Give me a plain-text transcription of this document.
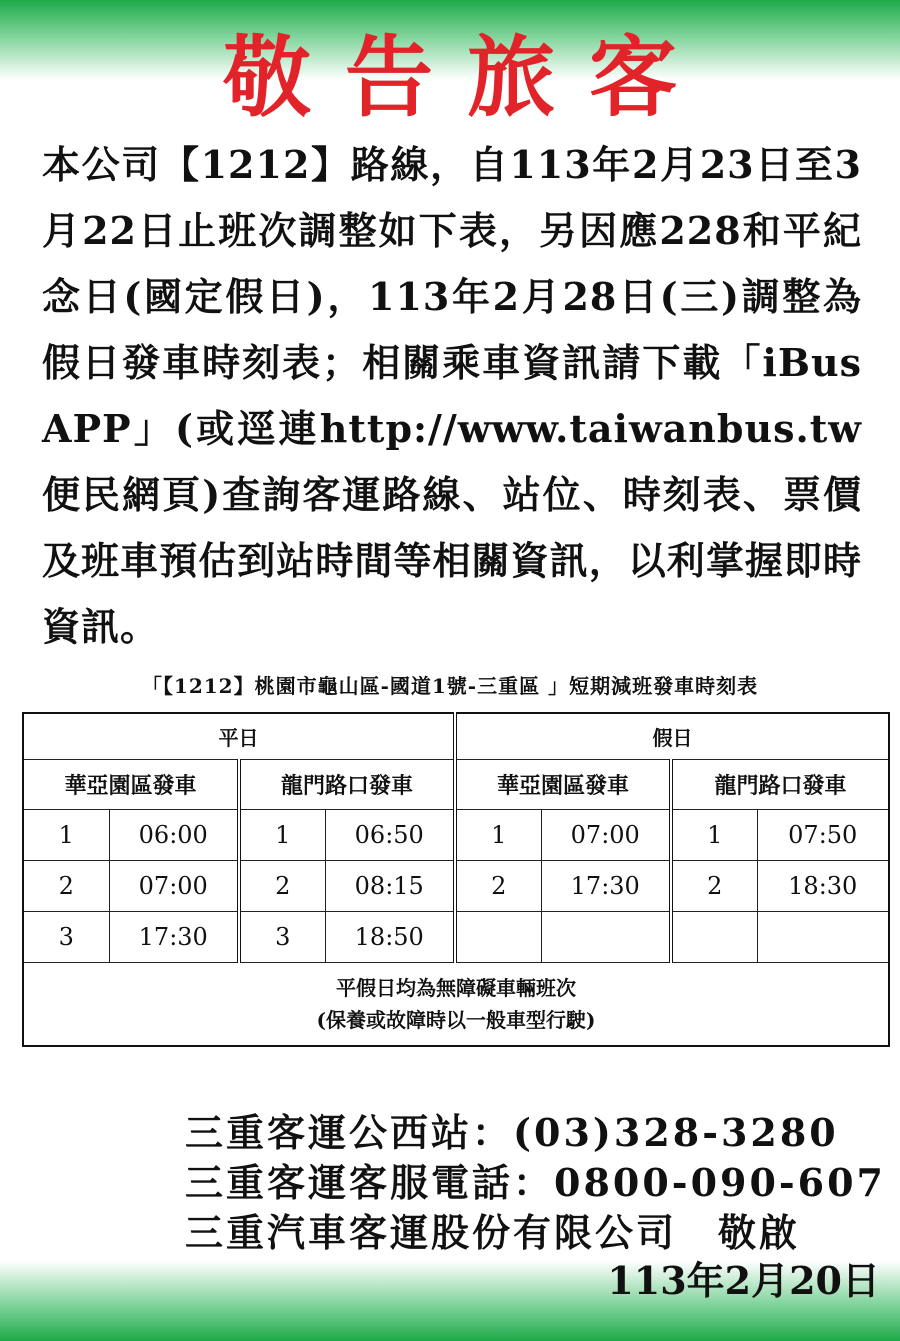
敬告旅客
本公司【1212】路線，自113年2月23日至3月22日止班次調整如下表，另因應228和平紀念日(國定假日)，113年2月28日(三)調整為假日發車時刻表；相關乘車資訊請下載「iBus APP」(或逕連http://www.taiwanbus.tw便民網頁)查詢客運路線、站位、時刻表、票價及班車預估到站時間等相關資訊，以利掌握即時資訊。
「【1212】桃園市龜山區-國道1號-三重區 」短期減班發車時刻表
平日				假日			
華亞園區發車		龍門路口發車		華亞園區發車		龍門路口發車	
1	06:00	1	06:50	1	07:00	1	07:50
2	07:00	2	08:15	2	17:30	2	18:30
3	17:30	3	18:50				

平假日均為無障礙車輛班次
(保養或故障時以一般車型行駛)							
三重客運公西站：(03)328-3280
三重客運客服電話：0800-090-607
三重汽車客運股份有限公司　敬啟
113年2月20日
